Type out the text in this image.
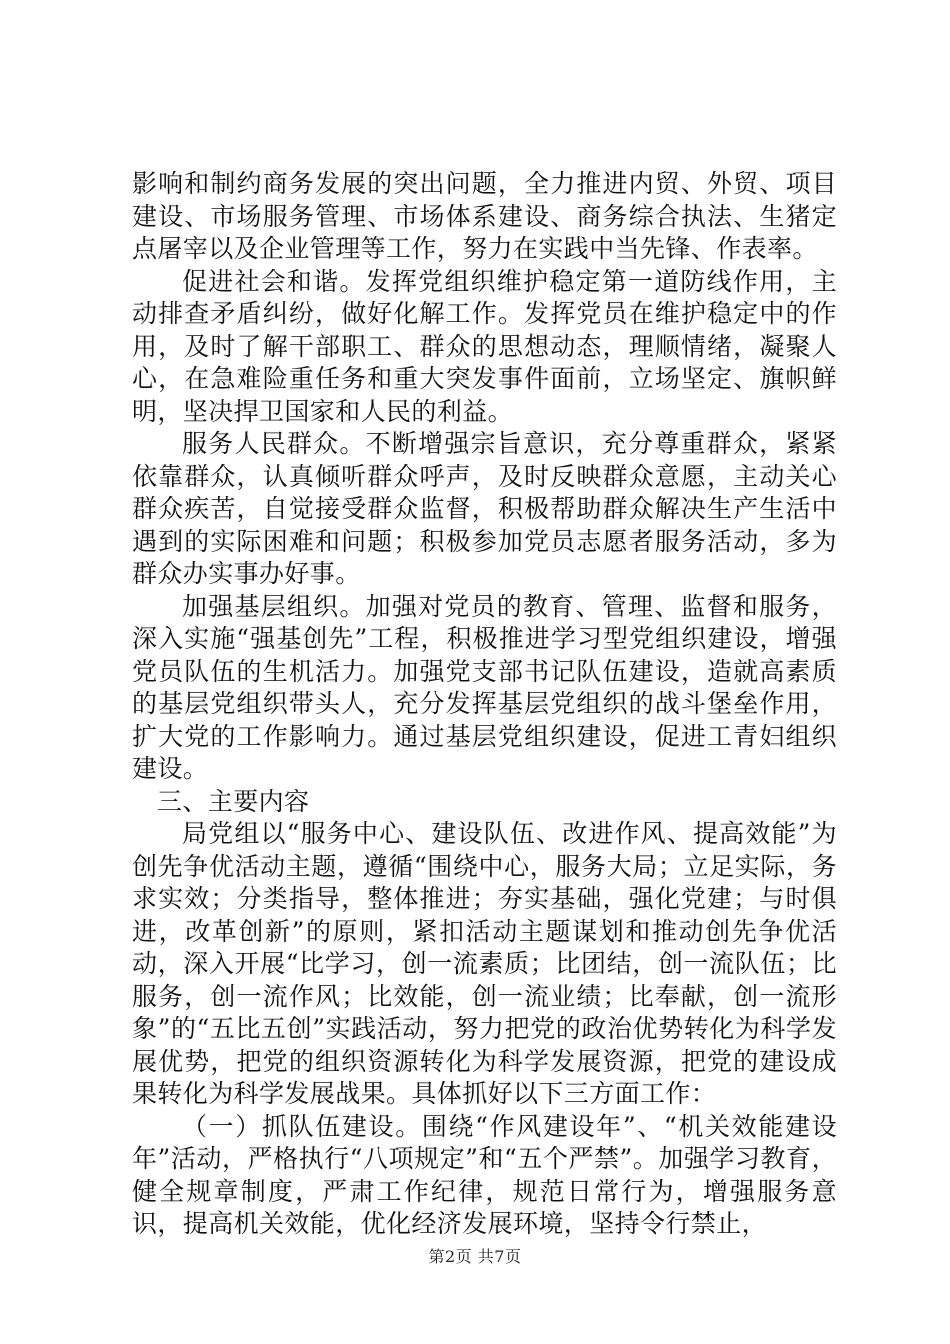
影响和制约商务发展的突出问题，全力推进内贸、外贸、项目建设、市场服务管理、市场体系建设、商务综合执法、生猪定点屠宰以及企业管理等工作，努力在实践中当先锋、作表率。

促进社会和谐。发挥党组织维护稳定第一道防线作用，主动排查矛盾纠纷，做好化解工作。发挥党员在维护稳定中的作用，及时了解干部职工、群众的思想动态，理顺情绪，凝聚人心，在急难险重任务和重大突发事件面前，立场坚定、旗帜鲜明，坚决捍卫国家和人民的利益。

服务人民群众。不断增强宗旨意识，充分尊重群众，紧紧依靠群众，认真倾听群众呼声，及时反映群众意愿，主动关心群众疾苦，自觉接受群众监督，积极帮助群众解决生产生活中遇到的实际困难和问题；积极参加党员志愿者服务活动，多为群众办实事办好事。

加强基层组织。加强对党员的教育、管理、监督和服务，深入实施“强基创先”工程，积极推进学习型党组织建设，增强党员队伍的生机活力。加强党支部书记队伍建设，造就高素质的基层党组织带头人，充分发挥基层党组织的战斗堡垒作用，扩大党的工作影响力。通过基层党组织建设，促进工青妇组织建设。

三、主要内容

局党组以“服务中心、建设队伍、改进作风、提高效能”为创先争优活动主题，遵循“围绕中心，服务大局；立足实际，务求实效；分类指导，整体推进；夯实基础，强化党建；与时俱进，改革创新”的原则，紧扣活动主题谋划和推动创先争优活动，深入开展“比学习，创一流素质；比团结，创一流队伍；比服务，创一流作风；比效能，创一流业绩；比奉献，创一流形象”的“五比五创”实践活动，努力把党的政治优势转化为科学发展优势，把党的组织资源转化为科学发展资源，把党的建设成果转化为科学发展战果。具体抓好以下三方面工作：

（一）抓队伍建设。围绕“作风建设年”、“机关效能建设年”活动，严格执行“八项规定”和“五个严禁”。加强学习教育，健全规章制度，严肃工作纪律，规范日常行为，增强服务意识，提高机关效能，优化经济发展环境，坚持令行禁止，

第2页 共7页
